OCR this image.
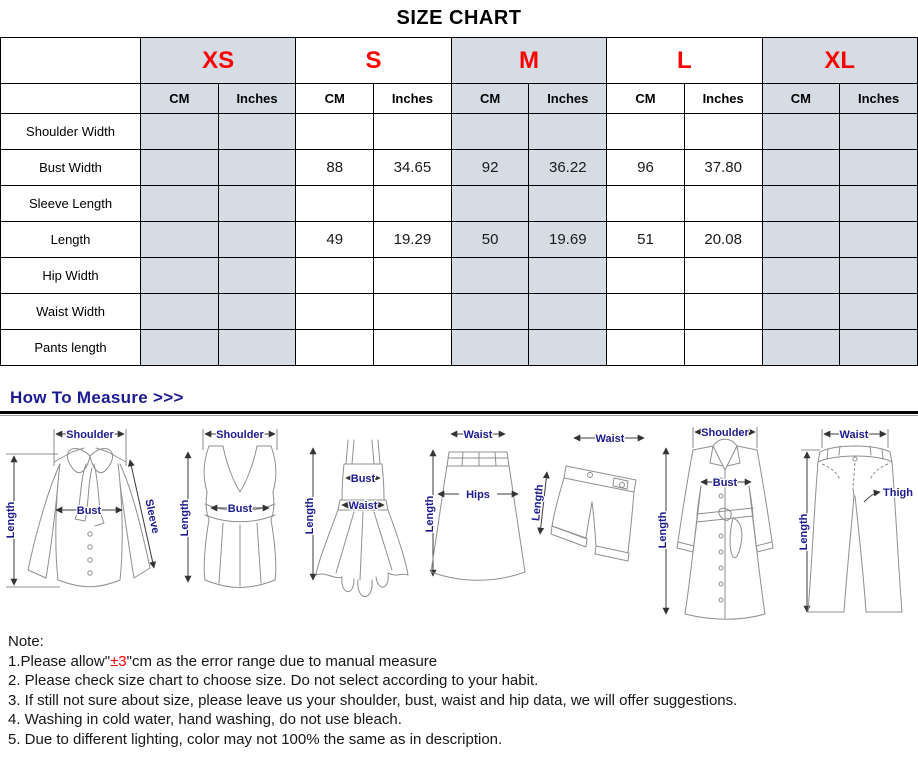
SIZE CHART
	XS		S		M		L		XL	
	CM	Inches	CM	Inches	CM	Inches	CM	Inches	CM	Inches
Shoulder Width										
Bust Width			88	34.65	92	36.22	96	37.80		
Sleeve Length										
Length			49	19.29	50	19.69	51	20.08		
Hip Width										
Waist Width										
Pants length										
How To Measure >>>
Shoulder
Length	Bust	Sleeve
Shoulder
Length	Bust
Bust
Waist
Length
Waist
Hips
Length
Waist
Length
Shoulder
Bust
Length
Thigh
Waist
Length
Note:
1.Please allow"±3"cm as the error range due to manual measure
2. Please check size chart to choose size. Do not select according to your habit.
3. If still not sure about size, please leave us your shoulder, bust, waist and hip data, we will offer suggestions.
4. Washing in cold water, hand washing, do not use bleach.
5. Due to different lighting, color may not 100% the same as in description.
